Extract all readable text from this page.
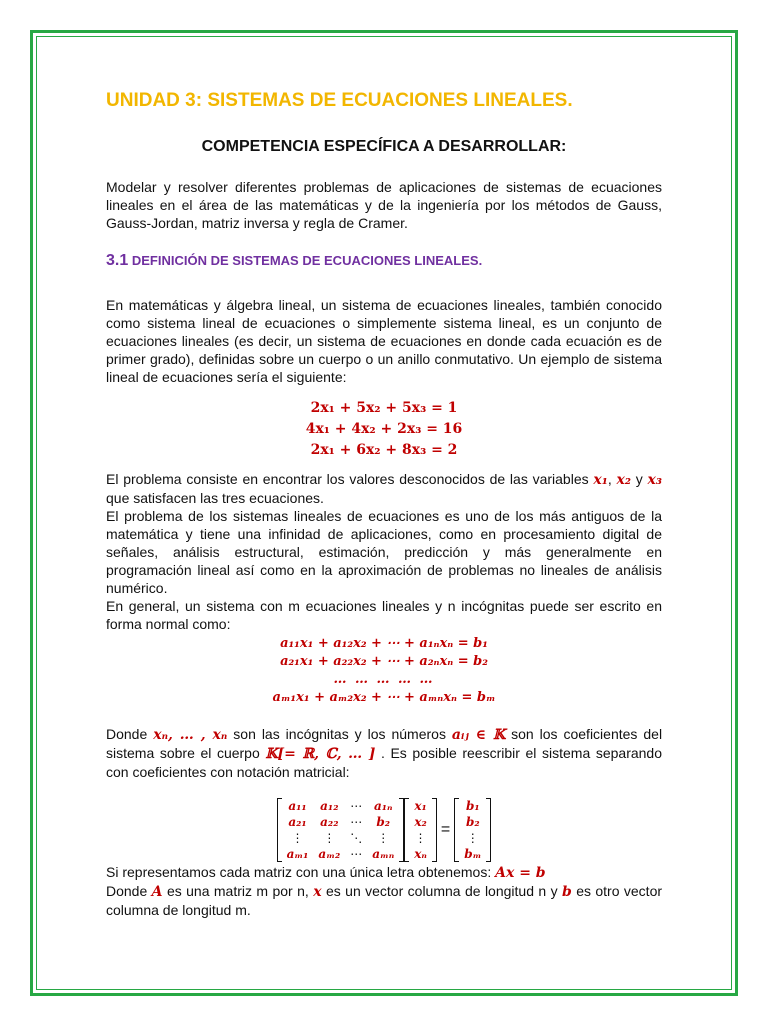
UNIDAD 3: SISTEMAS DE ECUACIONES LINEALES.
COMPETENCIA ESPECÍFICA A DESARROLLAR:

Modelar y resolver diferentes problemas de aplicaciones de sistemas de ecuaciones lineales en el área de las matemáticas y de la ingeniería por los métodos de Gauss, Gauss-Jordan, matriz inversa y regla de Cramer.

3.1 DEFINICIÓN DE SISTEMAS DE ECUACIONES LINEALES.

En matemáticas y álgebra lineal, un sistema de ecuaciones lineales, también conocido como sistema lineal de ecuaciones o simplemente sistema lineal, es un conjunto de ecuaciones lineales (es decir, un sistema de ecuaciones en donde cada ecuación es de primer grado), definidas sobre un cuerpo o un anillo conmutativo. Un ejemplo de sistema lineal de ecuaciones sería el siguiente:

2x₁ + 5x₂ + 5x₃ = 1
4x₁ + 4x₂ + 2x₃ = 16
2x₁ + 6x₂ + 8x₃ = 2

El problema consiste en encontrar los valores desconocidos de las variables x₁, x₂ y x₃ que satisfacen las tres ecuaciones.

El problema de los sistemas lineales de ecuaciones es uno de los más antiguos de la matemática y tiene una infinidad de aplicaciones, como en procesamiento digital de señales, análisis estructural, estimación, predicción y más generalmente en programación lineal así como en la aproximación de problemas no lineales de análisis numérico.

En general, un sistema con m ecuaciones lineales y n incógnitas puede ser escrito en forma normal como:

a₁₁x₁ + a₁₂x₂ + ⋯ + a₁ₙxₙ = b₁
a₂₁x₁ + a₂₂x₂ + ⋯ + a₂ₙxₙ = b₂
… … … … …
aₘ₁x₁ + aₘ₂x₂ + ⋯ + aₘₙxₙ = bₘ

Donde xₙ, … , xₙ son las incógnitas y los números aᵢⱼ ∈ 𝕂 son los coeficientes del sistema sobre el cuerpo 𝕂[= ℝ, ℂ, … ] . Es posible reescribir el sistema separando con coeficientes con notación matricial:

a₁₁	a₁₂	⋯	a₁ₙ
a₂₁	a₂₂	⋯	b₂
⋮	⋮	⋱	⋮
aₘ₁	aₘ₂	⋯	aₘₙ
x₁
x₂
⋮
xₙ
=
b₁
b₂
⋮
bₘ

Si representamos cada matriz con una única letra obtenemos: Ax = b

Donde A es una matriz m por n, x es un vector columna de longitud n y b es otro vector columna de longitud m.
